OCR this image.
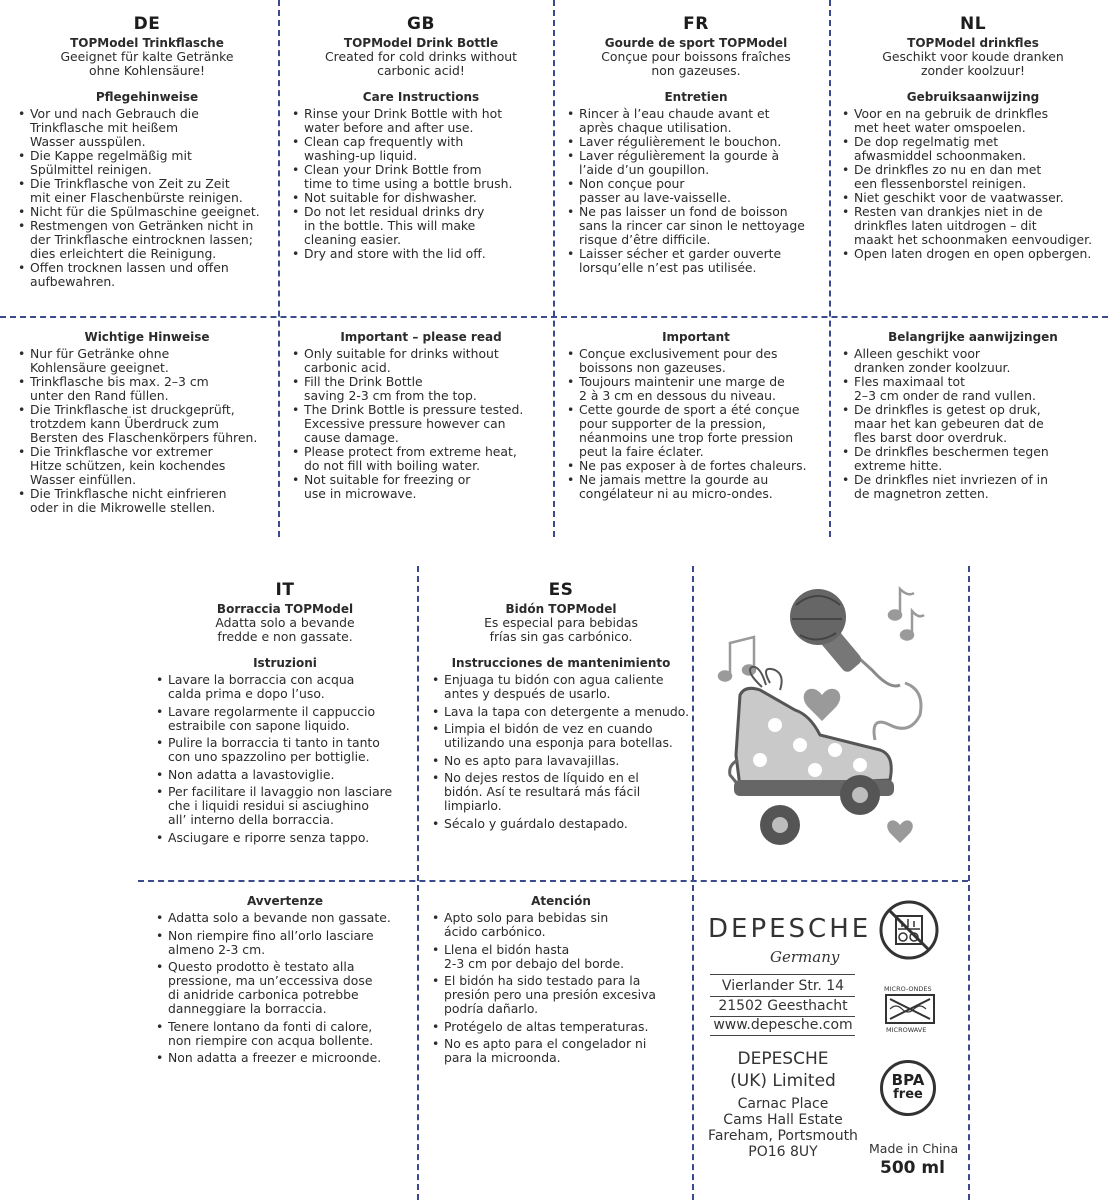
DE
TOPModel Trinkflasche
Geeignet für kalte Getränke
ohne Kohlensäure!
Pflegehinweise
• Vor und nach Gebrauch die
Trinkflasche mit heißem
Wasser ausspülen.
• Die Kappe regelmäßig mit
Spülmittel reinigen.
• Die Trinkflasche von Zeit zu Zeit
mit einer Flaschenbürste reinigen.
• Nicht für die Spülmaschine geeignet.
• Restmengen von Getränken nicht in
der Trinkflasche eintrocknen lassen;
dies erleichtert die Reinigung.
• Offen trocknen lassen und offen
aufbewahren.
GB
TOPModel Drink Bottle
Created for cold drinks without
carbonic acid!
Care Instructions
• Rinse your Drink Bottle with hot
water before and after use.
• Clean cap frequently with
washing-up liquid.
• Clean your Drink Bottle from
time to time using a bottle brush.
• Not suitable for dishwasher.
• Do not let residual drinks dry
in the bottle. This will make
cleaning easier.
• Dry and store with the lid off.
FR
Gourde de sport TOPModel
Conçue pour boissons fraîches
non gazeuses.
Entretien
• Rincer à l’eau chaude avant et
après chaque utilisation.
• Laver régulièrement le bouchon.
• Laver régulièrement la gourde à
l’aide d’un goupillon.
• Non conçue pour
passer au lave-vaisselle.
• Ne pas laisser un fond de boisson
sans la rincer car sinon le nettoyage
risque d’être difficile.
• Laisser sécher et garder ouverte
lorsqu’elle n’est pas utilisée.
NL
TOPModel drinkfles
Geschikt voor koude dranken
zonder koolzuur!
Gebruiksaanwijzing
• Voor en na gebruik de drinkfles
met heet water omspoelen.
• De dop regelmatig met
afwasmiddel schoonmaken.
• De drinkfles zo nu en dan met
een flessenborstel reinigen.
• Niet geschikt voor de vaatwasser.
• Resten van drankjes niet in de
drinkfles laten uitdrogen – dit
maakt het schoonmaken eenvoudiger.
• Open laten drogen en open opbergen.
Wichtige Hinweise
• Nur für Getränke ohne
Kohlensäure geeignet.
• Trinkflasche bis max. 2–3 cm
unter den Rand füllen.
• Die Trinkflasche ist druckgeprüft,
trotzdem kann Überdruck zum
Bersten des Flaschenkörpers führen.
• Die Trinkflasche vor extremer
Hitze schützen, kein kochendes
Wasser einfüllen.
• Die Trinkflasche nicht einfrieren
oder in die Mikrowelle stellen.
Important – please read
• Only suitable for drinks without
carbonic acid.
• Fill the Drink Bottle
saving 2-3 cm from the top.
• The Drink Bottle is pressure tested.
Excessive pressure however can
cause damage.
• Please protect from extreme heat,
do not fill with boiling water.
• Not suitable for freezing or
use in microwave.
Important
• Conçue exclusivement pour des
boissons non gazeuses.
• Toujours maintenir une marge de
2 à 3 cm en dessous du niveau.
• Cette gourde de sport a été conçue
pour supporter de la pression,
néanmoins une trop forte pression
peut la faire éclater.
• Ne pas exposer à de fortes chaleurs.
• Ne jamais mettre la gourde au
congélateur ni au micro-ondes.
Belangrijke aanwijzingen
• Alleen geschikt voor
dranken zonder koolzuur.
• Fles maximaal tot
2–3 cm onder de rand vullen.
• De drinkfles is getest op druk,
maar het kan gebeuren dat de
fles barst door overdruk.
• De drinkfles beschermen tegen
extreme hitte.
• De drinkfles niet invriezen of in
de magnetron zetten.
IT
Borraccia TOPModel
Adatta solo a bevande
fredde e non gassate.
Istruzioni
• Lavare la borraccia con acqua
calda prima e dopo l’uso.
• Lavare regolarmente il cappuccio
estraibile con sapone liquido.
• Pulire la borraccia ti tanto in tanto
con uno spazzolino per bottiglie.
• Non adatta a lavastoviglie.
• Per facilitare il lavaggio non lasciare
che i liquidi residui si asciughino
all’ interno della borraccia.
• Asciugare e riporre senza tappo.
ES
Bidón TOPModel
Es especial para bebidas
frías sin gas carbónico.
Instrucciones de mantenimiento
• Enjuaga tu bidón con agua caliente
antes y después de usarlo.
• Lava la tapa con detergente a menudo.
• Limpia el bidón de vez en cuando
utilizando una esponja para botellas.
• No es apto para lavavajillas.
• No dejes restos de líquido en el
bidón. Así te resultará más fácil
limpiarlo.
• Sécalo y guárdalo destapado.
Avvertenze
• Adatta solo a bevande non gassate.
• Non riempire fino all’orlo lasciare
almeno 2-3 cm.
• Questo prodotto è testato alla
pressione, ma un’eccessiva dose
di anidride carbonica potrebbe
danneggiare la borraccia.
• Tenere lontano da fonti di calore,
non riempire con acqua bollente.
• Non adatta a freezer e microonde.
Atención
• Apto solo para bebidas sin
ácido carbónico.
• Llena el bidón hasta
2-3 cm por debajo del borde.
• El bidón ha sido testado para la
presión pero una presión excesiva
podría dañarlo.
• Protégelo de altas temperaturas.
• No es apto para el congelador ni
para la microonda.
DEPESCHE
Germany
Vierlander Str. 14
21502 Geesthacht
www.depesche.com
DEPESCHE
(UK) Limited
Carnac Place
Cams Hall Estate
Fareham, Portsmouth
PO16 8UY
MICRO-ONDES
MICROWAVE
BPA
free
Made in China
500 ml
